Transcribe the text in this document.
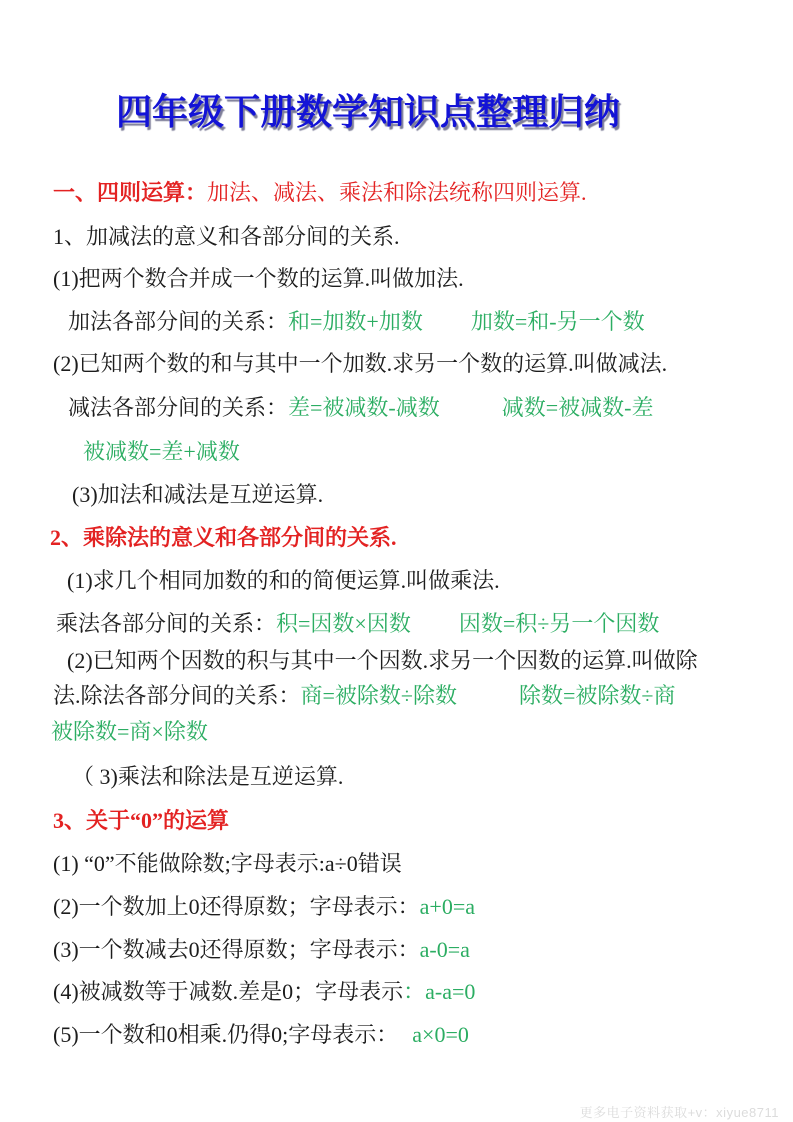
四年级下册数学知识点整理归纳

一、四则运算：加法、减法、乘法和除法统称四则运算.

1、加减法的意义和各部分间的关系.

(1)把两个数合并成一个数的运算.叫做加法.

加法各部分间的关系：和=加数+加数 加数=和-另一个数

(2)已知两个数的和与其中一个加数.求另一个数的运算.叫做减法.

减法各部分间的关系：差=被减数-减数	减数=被减数-差

被减数=差+减数

(3)加法和减法是互逆运算.

2、乘除法的意义和各部分间的关系.

(1)求几个相同加数的和的简便运算.叫做乘法.

乘法各部分间的关系：积=因数×因数 因数=积÷另一个因数

(2)已知两个因数的积与其中一个因数.求另一个因数的运算.叫做除

法.除法各部分间的关系：商=被除数÷除数	除数=被除数÷商

被除数=商×除数

（ 3)乘法和除法是互逆运算.

3、关于“0”的运算

(1) “0”不能做除数;字母表示:a÷0错误

(2)一个数加上0还得原数；字母表示：a+0=a

(3)一个数减去0还得原数；字母表示：a-0=a

(4)被减数等于减数.差是0；字母表示：a-a=0

(5)一个数和0相乘.仍得0;字母表示： a×0=0

更多电子资料获取+v：xiyue8711
